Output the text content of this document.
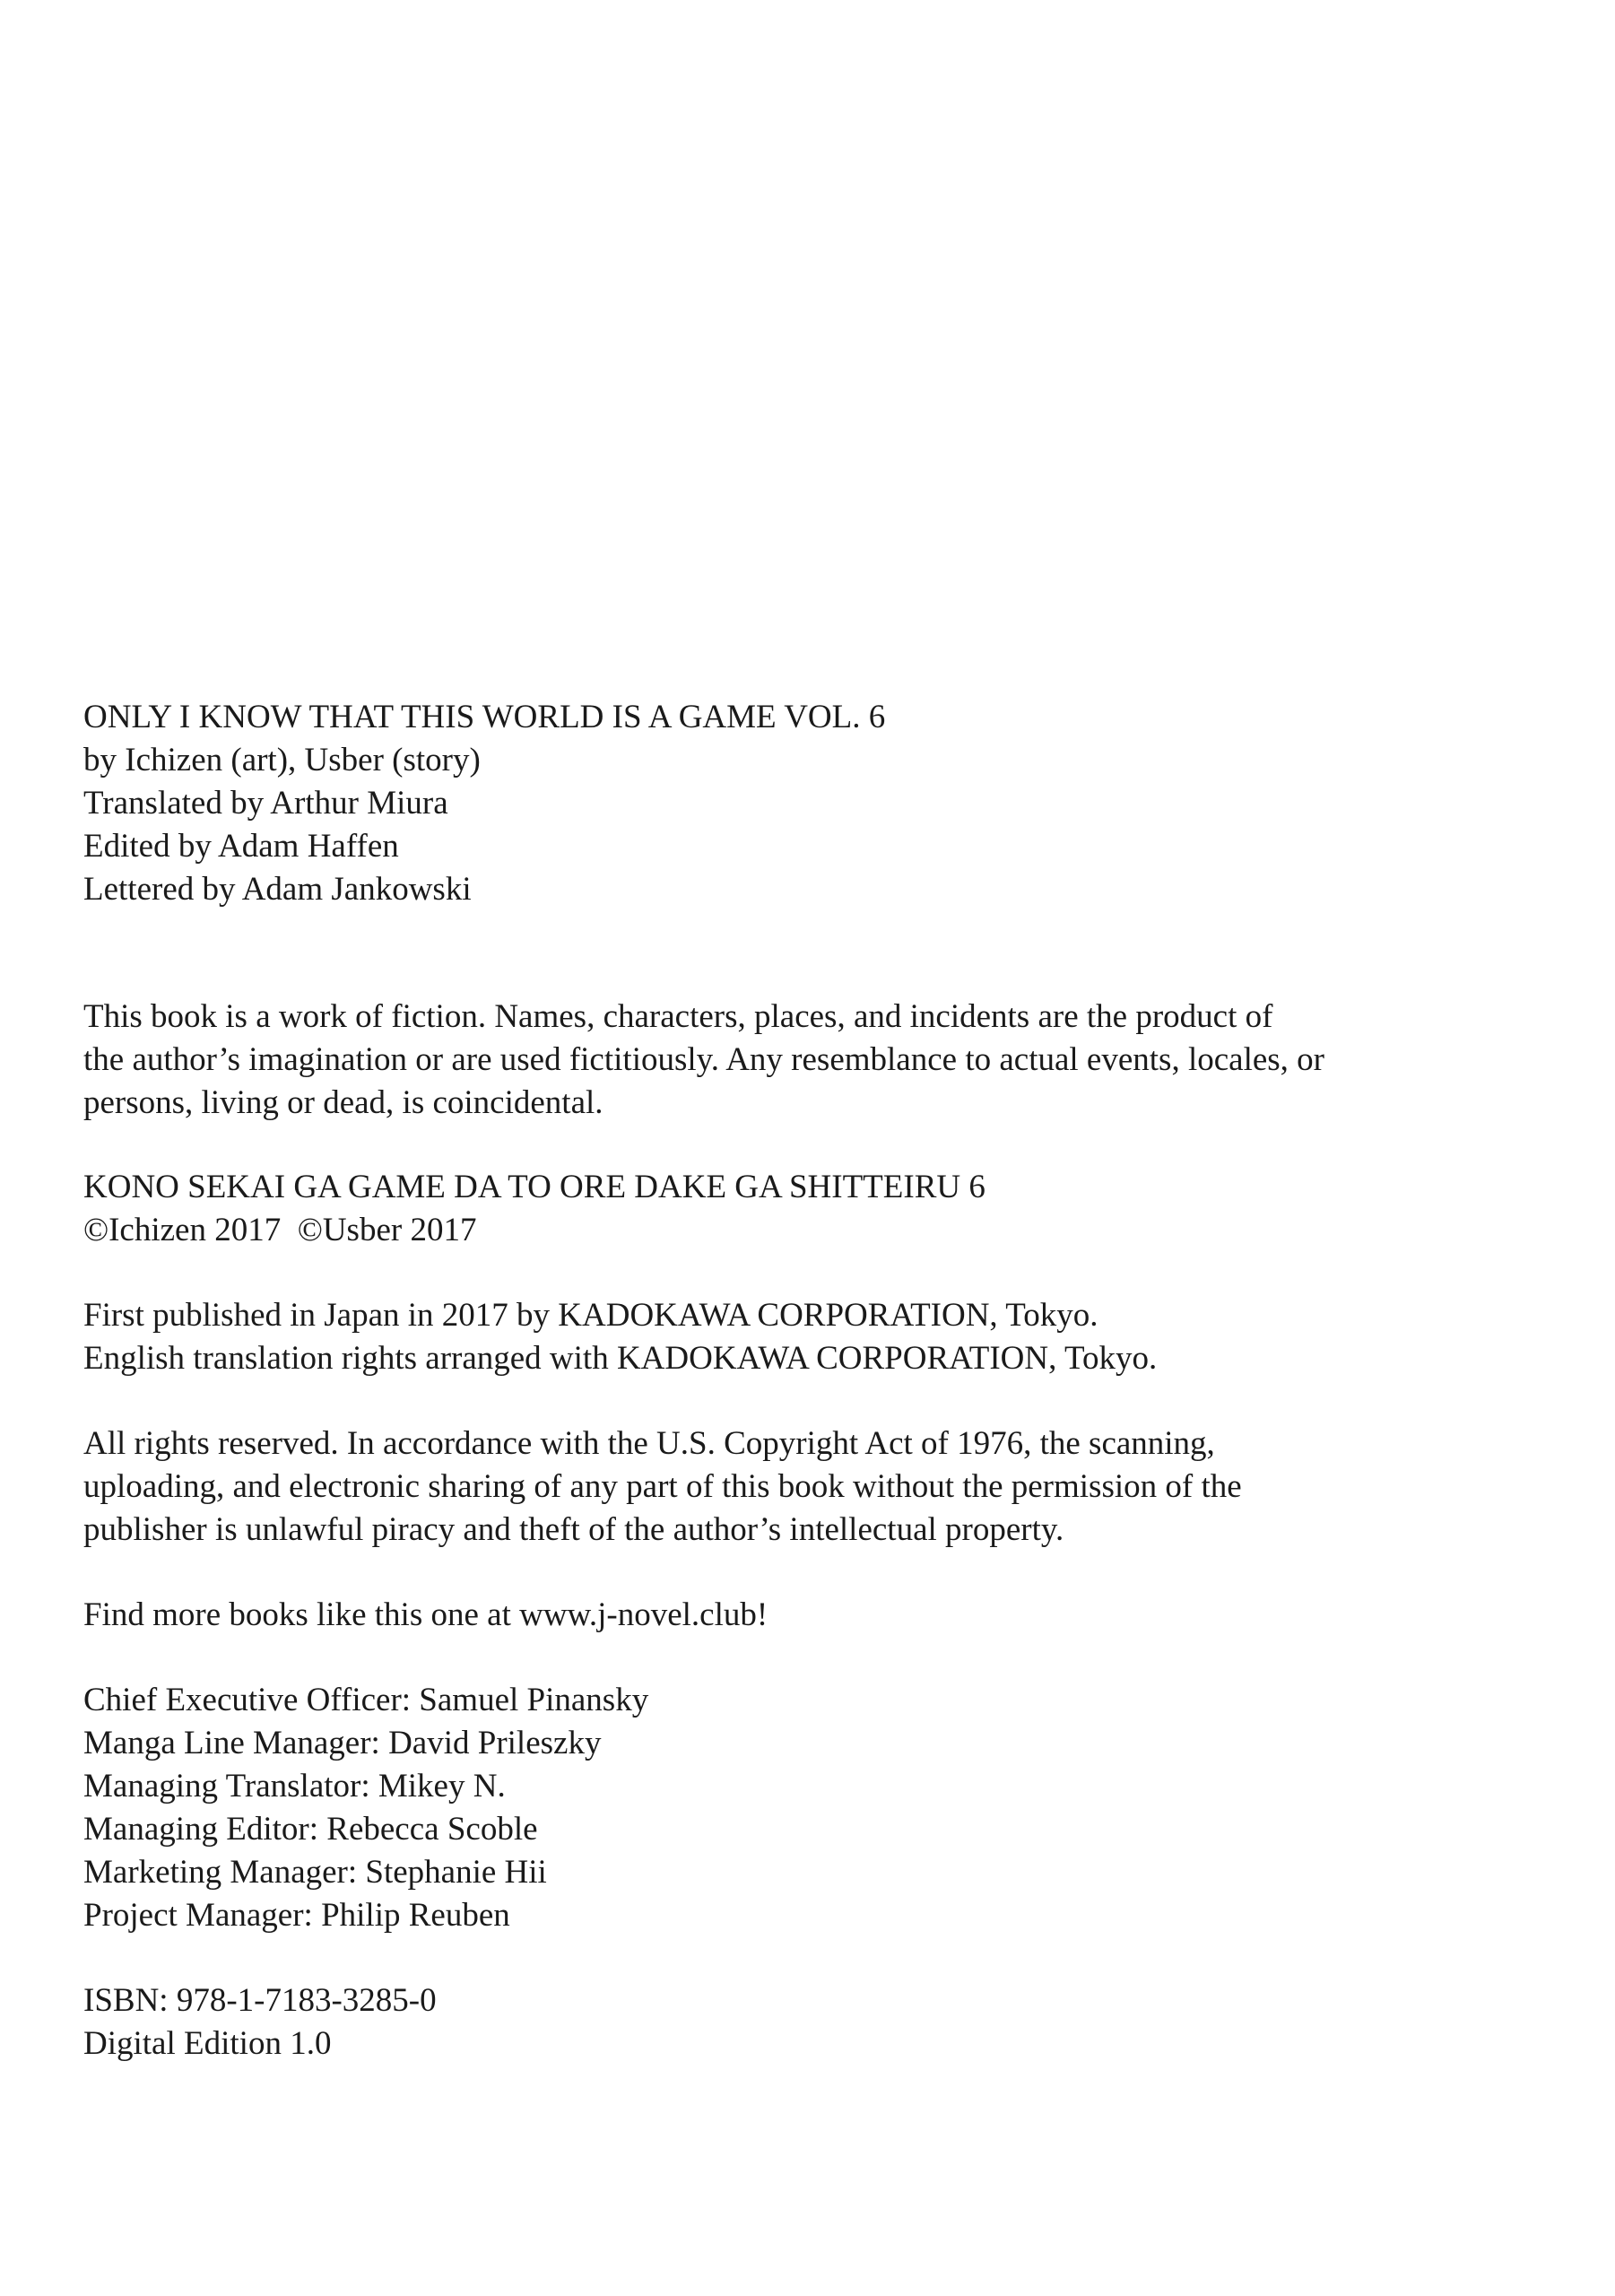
ONLY I KNOW THAT THIS WORLD IS A GAME VOL. 6
by Ichizen (art), Usber (story)
Translated by Arthur Miura
Edited by Adam Haffen
Lettered by Adam Jankowski
This book is a work of fiction. Names, characters, places, and incidents are the product of
the author’s imagination or are used fictitiously. Any resemblance to actual events, locales, or
persons, living or dead, is coincidental.
KONO SEKAI GA GAME DA TO ORE DAKE GA SHITTEIRU 6
©Ichizen 2017  ©Usber 2017
First published in Japan in 2017 by KADOKAWA CORPORATION, Tokyo.
English translation rights arranged with KADOKAWA CORPORATION, Tokyo.
All rights reserved. In accordance with the U.S. Copyright Act of 1976, the scanning,
uploading, and electronic sharing of any part of this book without the permission of the
publisher is unlawful piracy and theft of the author’s intellectual property.
Find more books like this one at www.j-novel.club!
Chief Executive Officer: Samuel Pinansky
Manga Line Manager: David Prileszky
Managing Translator: Mikey N.
Managing Editor: Rebecca Scoble
Marketing Manager: Stephanie Hii
Project Manager: Philip Reuben
ISBN: 978-1-7183-3285-0
Digital Edition 1.0
